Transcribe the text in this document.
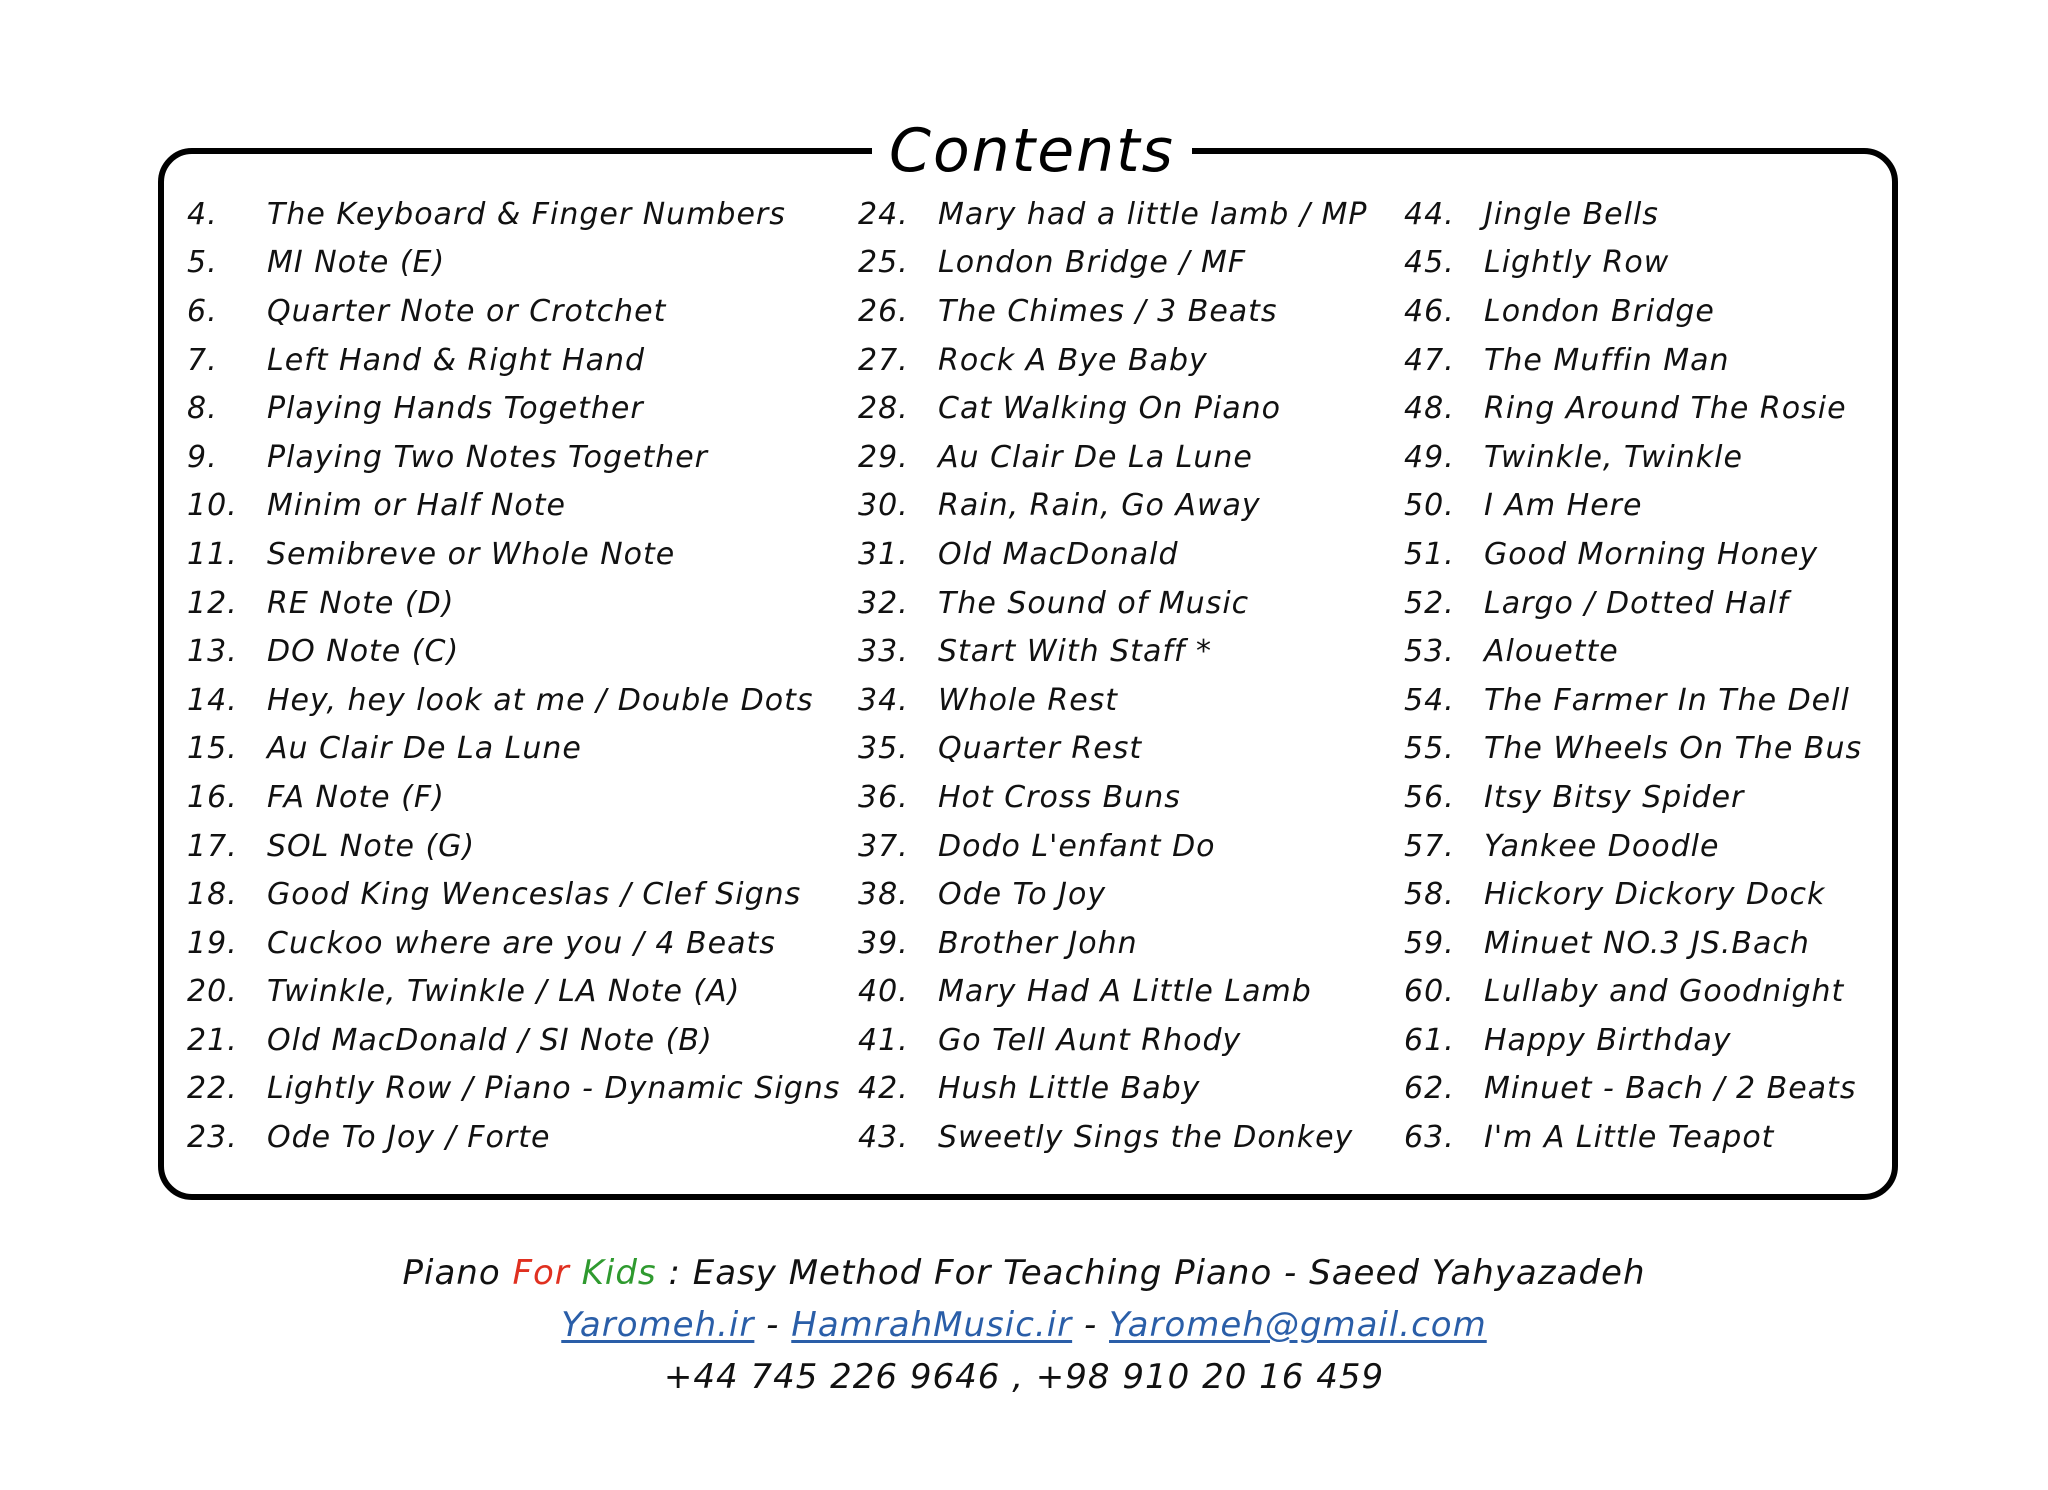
Contents
4.	The Keyboard & Finger Numbers
5.	MI Note (E)
6.	Quarter Note or Crotchet
7.	Left Hand & Right Hand
8.	Playing Hands Together
9.	Playing Two Notes Together
10. Minim or Half Note
11. Semibreve or Whole Note
12. RE Note (D)
13. DO Note (C)
14. Hey, hey look at me / Double Dots
15. Au Clair De La Lune
16. FA Note (F)
17. SOL Note (G)
18. Good King Wenceslas / Clef Signs
19. Cuckoo where are you / 4 Beats
20. Twinkle, Twinkle / LA Note (A)
21. Old MacDonald / SI Note (B)
22. Lightly Row / Piano - Dynamic Signs
23. Ode To Joy / Forte
24. Mary had a little lamb / MP
25. London Bridge / MF
26. The Chimes / 3 Beats
27. Rock A Bye Baby
28. Cat Walking On Piano
29. Au Clair De La Lune
30. Rain, Rain, Go Away
31. Old MacDonald
32. The Sound of Music
33. Start With Staff *
34. Whole Rest
35. Quarter Rest
36. Hot Cross Buns
37. Dodo L'enfant Do
38. Ode To Joy
39. Brother John
40. Mary Had A Little Lamb
41. Go Tell Aunt Rhody
42. Hush Little Baby
43. Sweetly Sings the Donkey
44. Jingle Bells
45. Lightly Row
46. London Bridge
47. The Muffin Man
48. Ring Around The Rosie
49. Twinkle, Twinkle
50. I Am Here
51. Good Morning Honey
52. Largo / Dotted Half
53. Alouette
54. The Farmer In The Dell
55. The Wheels On The Bus
56. Itsy Bitsy Spider
57. Yankee Doodle
58. Hickory Dickory Dock
59. Minuet NO.3 JS.Bach
60. Lullaby and Goodnight
61. Happy Birthday
62. Minuet - Bach / 2 Beats
63. I'm A Little Teapot
Piano For Kids : Easy Method For Teaching Piano - Saeed Yahyazadeh
Yaromeh.ir - HamrahMusic.ir - Yaromeh@gmail.com
+44 745 226 9646 , +98 910 20 16 459
